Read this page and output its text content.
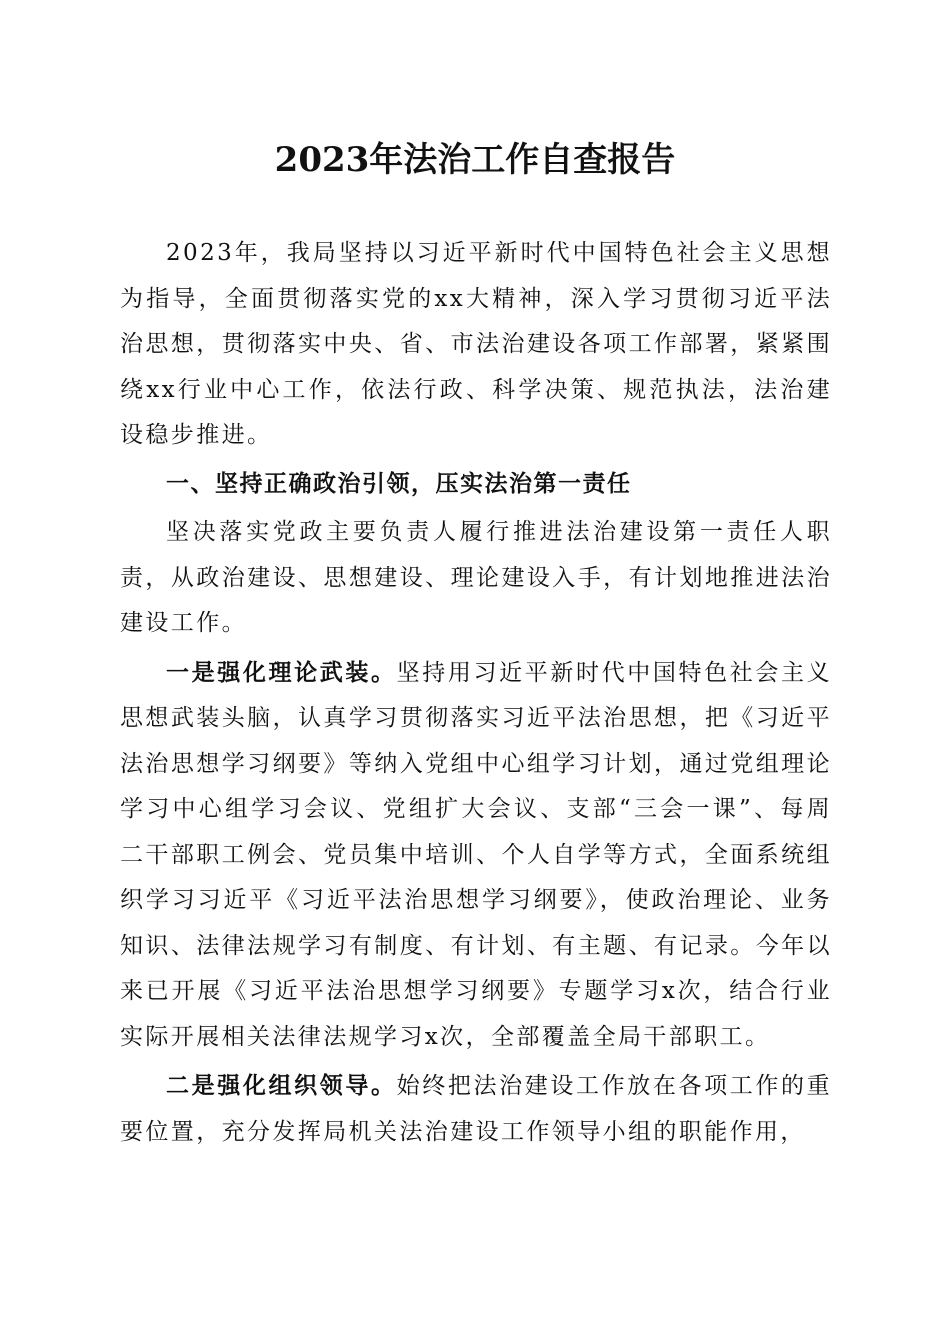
2023年法治工作自查报告

2023年，我局坚持以习近平新时代中国特色社会主义思想为指导，全面贯彻落实党的xx大精神，深入学习贯彻习近平法治思想，贯彻落实中央、省、市法治建设各项工作部署，紧紧围绕xx行业中心工作，依法行政、科学决策、规范执法，法治建设稳步推进。

一、坚持正确政治引领，压实法治第一责任

坚决落实党政主要负责人履行推进法治建设第一责任人职责，从政治建设、思想建设、理论建设入手，有计划地推进法治建设工作。

一是强化理论武装。坚持用习近平新时代中国特色社会主义思想武装头脑，认真学习贯彻落实习近平法治思想，把《习近平法治思想学习纲要》等纳入党组中心组学习计划，通过党组理论学习中心组学习会议、党组扩大会议、支部“三会一课”、每周二干部职工例会、党员集中培训、个人自学等方式，全面系统组织学习习近平《习近平法治思想学习纲要》，使政治理论、业务知识、法律法规学习有制度、有计划、有主题、有记录。今年以来已开展《习近平法治思想学习纲要》专题学习x次，结合行业实际开展相关法律法规学习x次，全部覆盖全局干部职工。

二是强化组织领导。始终把法治建设工作放在各项工作的重要位置，充分发挥局机关法治建设工作领导小组的职能作用，
